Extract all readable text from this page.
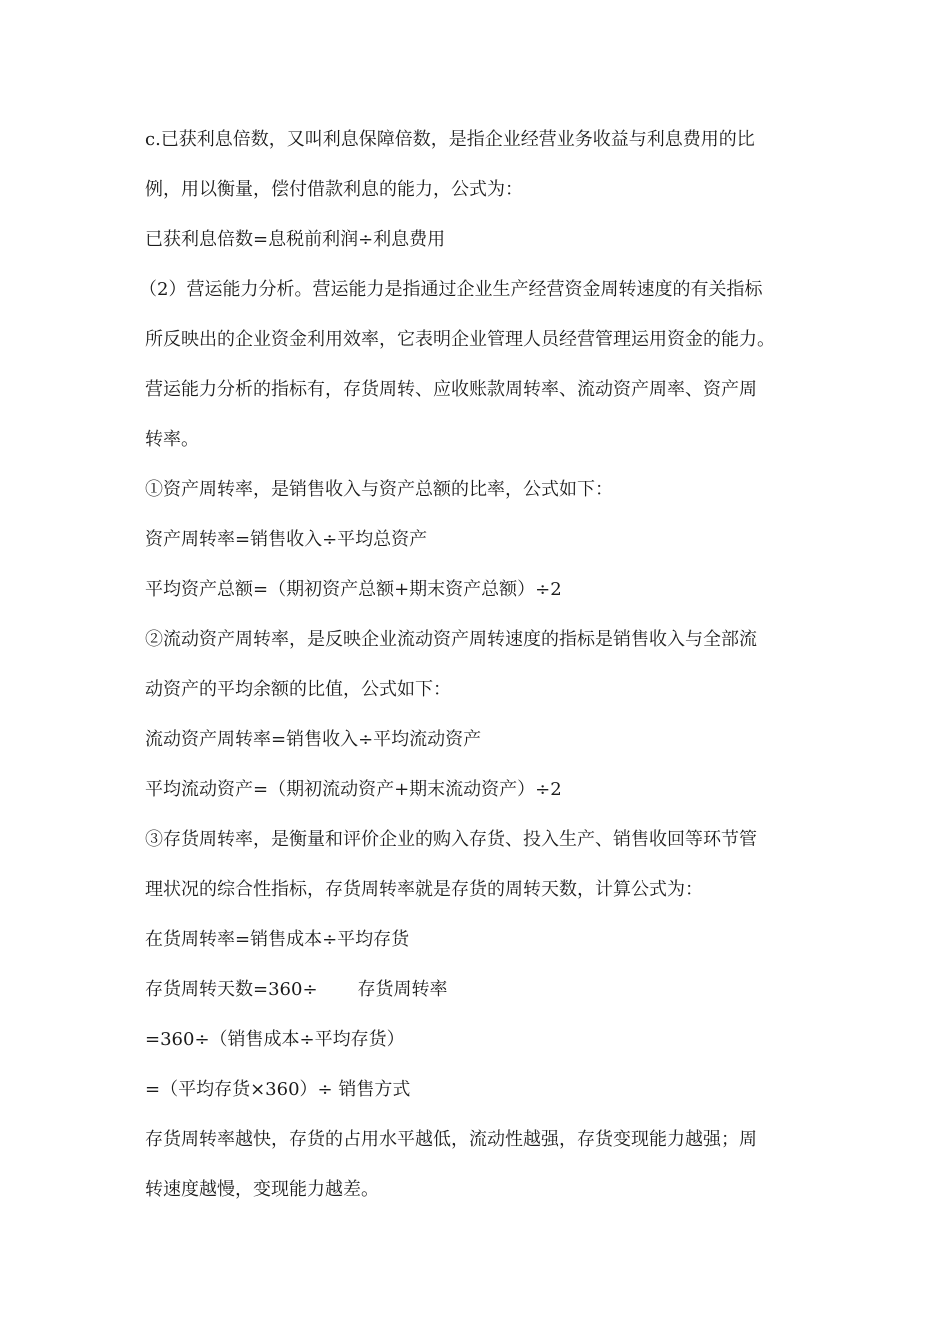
c.已获利息倍数，又叫利息保障倍数，是指企业经营业务收益与利息费用的比
例，用以衡量，偿付借款利息的能力，公式为：
已获利息倍数=息税前利润÷利息费用
（2）营运能力分析。营运能力是指通过企业生产经营资金周转速度的有关指标
所反映出的企业资金利用效率，它表明企业管理人员经营管理运用资金的能力。
营运能力分析的指标有，存货周转、应收账款周转率、流动资产周率、资产周
转率。
①资产周转率，是销售收入与资产总额的比率，公式如下：
资产周转率=销售收入÷平均总资产
平均资产总额=（期初资产总额+期末资产总额）÷2
②流动资产周转率，是反映企业流动资产周转速度的指标是销售收入与全部流
动资产的平均余额的比值，公式如下：
流动资产周转率=销售收入÷平均流动资产
平均流动资产=（期初流动资产+期末流动资产）÷2
③存货周转率，是衡量和评价企业的购入存货、投入生产、销售收回等环节管
理状况的综合性指标，存货周转率就是存货的周转天数，计算公式为：
在货周转率=销售成本÷平均存货
存货周转天数=360÷ 存货周转率
=360÷（销售成本÷平均存货）
=（平均存货×360）÷ 销售方式
存货周转率越快，存货的占用水平越低，流动性越强，存货变现能力越强；周
转速度越慢，变现能力越差。
